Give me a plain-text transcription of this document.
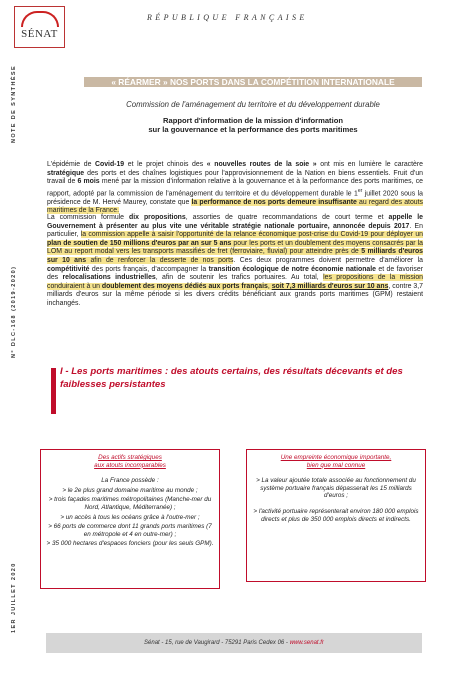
SÉNAT
RÉPUBLIQUE FRANÇAISE
NOTE DE SYNTHÈSE
N° DLC-168 (2019-2020)
1ER JUILLET 2020
« RÉARMER » NOS PORTS DANS LA COMPÉTITION INTERNATIONALE
Commission de l'aménagement du territoire et du développement durable
Rapport d'information de la mission d'information
sur la gouvernance et la performance des ports maritimes
L'épidémie de Covid-19 et le projet chinois des « nouvelles routes de la soie » ont mis en lumière le caractère stratégique des ports et des chaînes logistiques pour l'approvisionnement de la Nation en biens essentiels. Fruit d'un travail de 6 mois mené par la mission d'information relative à la gouvernance et à la performance des ports maritimes, ce rapport, adopté par la commission de l'aménagement du territoire et du développement durable le 1er juillet 2020 sous la présidence de M. Hervé Maurey, constate que la performance de nos ports demeure insuffisante au regard des atouts maritimes de la France.
La commission formule dix propositions, assorties de quatre recommandations de court terme et appelle le Gouvernement à présenter au plus vite une véritable stratégie nationale portuaire, annoncée depuis 2017. En particulier, la commission appelle à saisir l'opportunité de la relance économique post-crise du Covid-19 pour déployer un plan de soutien de 150 millions d'euros par an sur 5 ans pour les ports et un doublement des moyens consacrés par la LOM au report modal vers les transports massifiés de fret (ferroviaire, fluvial) pour atteindre près de 5 milliards d'euros sur 10 ans afin de renforcer la desserte de nos ports. Ces deux programmes doivent permettre d'améliorer la compétitivité des ports français, d'accompagner la transition écologique de notre économie nationale et de favoriser des relocalisations industrielles, afin de soutenir les trafics portuaires. Au total, les propositions de la mission conduiraient à un doublement des moyens dédiés aux ports français, soit 7,3 milliards d'euros sur 10 ans, contre 3,7 milliards d'euros sur la même période si les divers crédits bénéficiant aux grands ports maritimes (GPM) restaient inchangés.
I - Les ports maritimes : des atouts certains, des résultats décevants et des faiblesses persistantes
Des actifs stratégiques
aux atouts incomparables
La France possède :
> le 2e plus grand domaine maritime au monde ;
> trois façades maritimes métropolitaines (Manche-mer du Nord, Atlantique, Méditerranée) ;
> un accès à tous les océans grâce à l'outre-mer ;
> 66 ports de commerce dont 11 grands ports maritimes (7 en métropole et 4 en outre-mer) ;
> 35 000 hectares d'espaces fonciers (pour les seuls GPM).
Une empreinte économique importante,
bien que mal connue
> La valeur ajoutée totale associée au fonctionnement du système portuaire français dépasserait les 15 milliards d'euros ;
> l'activité portuaire représenterait environ 180 000 emplois directs et plus de 350 000 emplois directs et indirects.
Sénat - 15, rue de Vaugirard - 75291 Paris Cedex 06 - www.senat.fr
